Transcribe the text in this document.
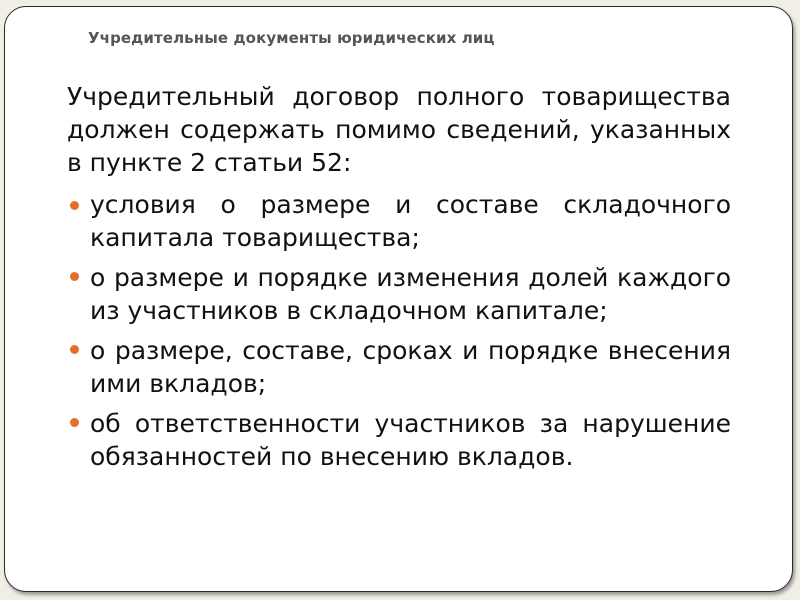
Учредительные документы юридических лиц

Учредительный договор полного товарищества должен содержать помимо сведений, указанных в пункте 2 статьи 52:

условия о размере и составе складочного капитала товарищества;
о размере и порядке изменения долей каждого из участников в складочном капитале;
о размере, составе, сроках и порядке внесения ими вкладов;
об ответственности участников за нарушение обязанностей по внесению вкладов.
